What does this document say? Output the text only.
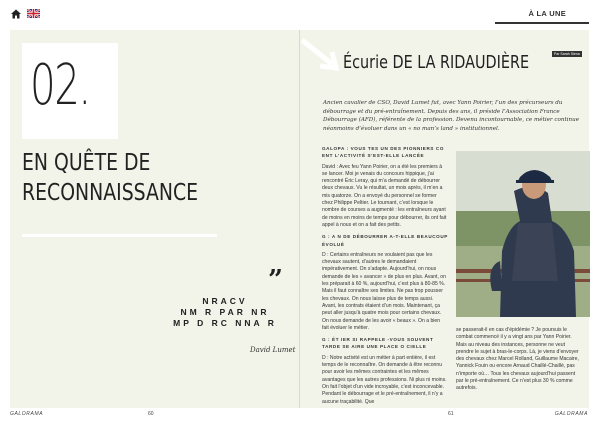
À LA UNE
02.
EN QUÊTE DE
RECONNAISSANCE
”
NRACV
NM R PAR NR
MP D RC NNA R
David Lumet
Écurie DE LA RIDAUDIÈRE	Par Sarah Siena
Ancien cavalier de CSO, David Lumet fut, avec Yann Poirier, l’un des précurseurs du débourrage et du pré-entraînement. Depuis des ans, il préside l’Association France Débourrage (AFD), référente de la profession. Devenu incontournable, ce métier continue néanmoins d’évoluer dans un « no man’s land » institutionnel.

GALOPA : VOUS TES UN DES PIONNIERS CO ENT L’ACTIVITÉ S’EST-ELLE LANCÉE

David : Avec feu Yann Poirier, on a été les premiers à se lancer. Moi je venais du concours hippique, j’ai rencontré Éric Leray, qui m’a demandé de débourrer deux chevaux. Vu le résultat, un mois après, il m’en a mis quatorze. On a envoyé du personnel se former chez Philippe Peltier. Le tournant, c’est lorsque le nombre de courses a augmenté : les entraîneurs ayant de moins en moins de temps pour débourrer, ils ont fait appel à nous et on a fait des petits.

G : A N DE DÉBOURRER A-T-ELLE BEAUCOUP ÉVOLUÉ

D : Certains entraîneurs ne voulaient pas que les chevaux sautent, d’autres le demandaient impérativement. On s’adapte. Aujourd’hui, on nous demande de les « avancer » de plus en plus. Avant, on les préparait à 60 %, aujourd’hui, c’est plus à 80-85 %. Mais il faut connaître ses limites. Ne pas trop pousser les chevaux. On nous laisse plus de temps aussi. Avant, les contrats étaient d’un mois. Maintenant, ça peut aller jusqu’à quatre mois pour certains chevaux. On nous demande de les avoir « beaux ». On a bien fait évoluer le métier.

G : ÉT IER SI RAPPELE -VOUS SOUVENT TARDE SE AIRE UNE PLACE O CIELLE

D : Notre activité est un métier à part entière, il est temps de le reconnaître. On demande à être reconnu pour avoir les mêmes contraintes et les mêmes avantages que les autres professions. Ni plus ni moins. On fait l’objet d’un vide incroyable, c’est inconcevable. Pendant le débourrage et le pré-entraînement, il n’y a aucune traçabilité. Que

se passerait-il en cas d’épidémie ? Je poursuis le combat commencé il y a vingt ans par Yann Poirier. Mais au niveau des instances, personne ne veut prendre le sujet à bras-le-corps. Là, je viens d’envoyer des chevaux chez Marcel Rolland, Guillaume Macaire, Yannick Fouin ou encore Arnaud Chaillé-Chaillé, pas n’importe où… Tous les chevaux aujourd’hui passent par le pré-entraînement. Ce n’est plus 30 % comme autrefois.
GALORAMA	60	61	GALORAMA
